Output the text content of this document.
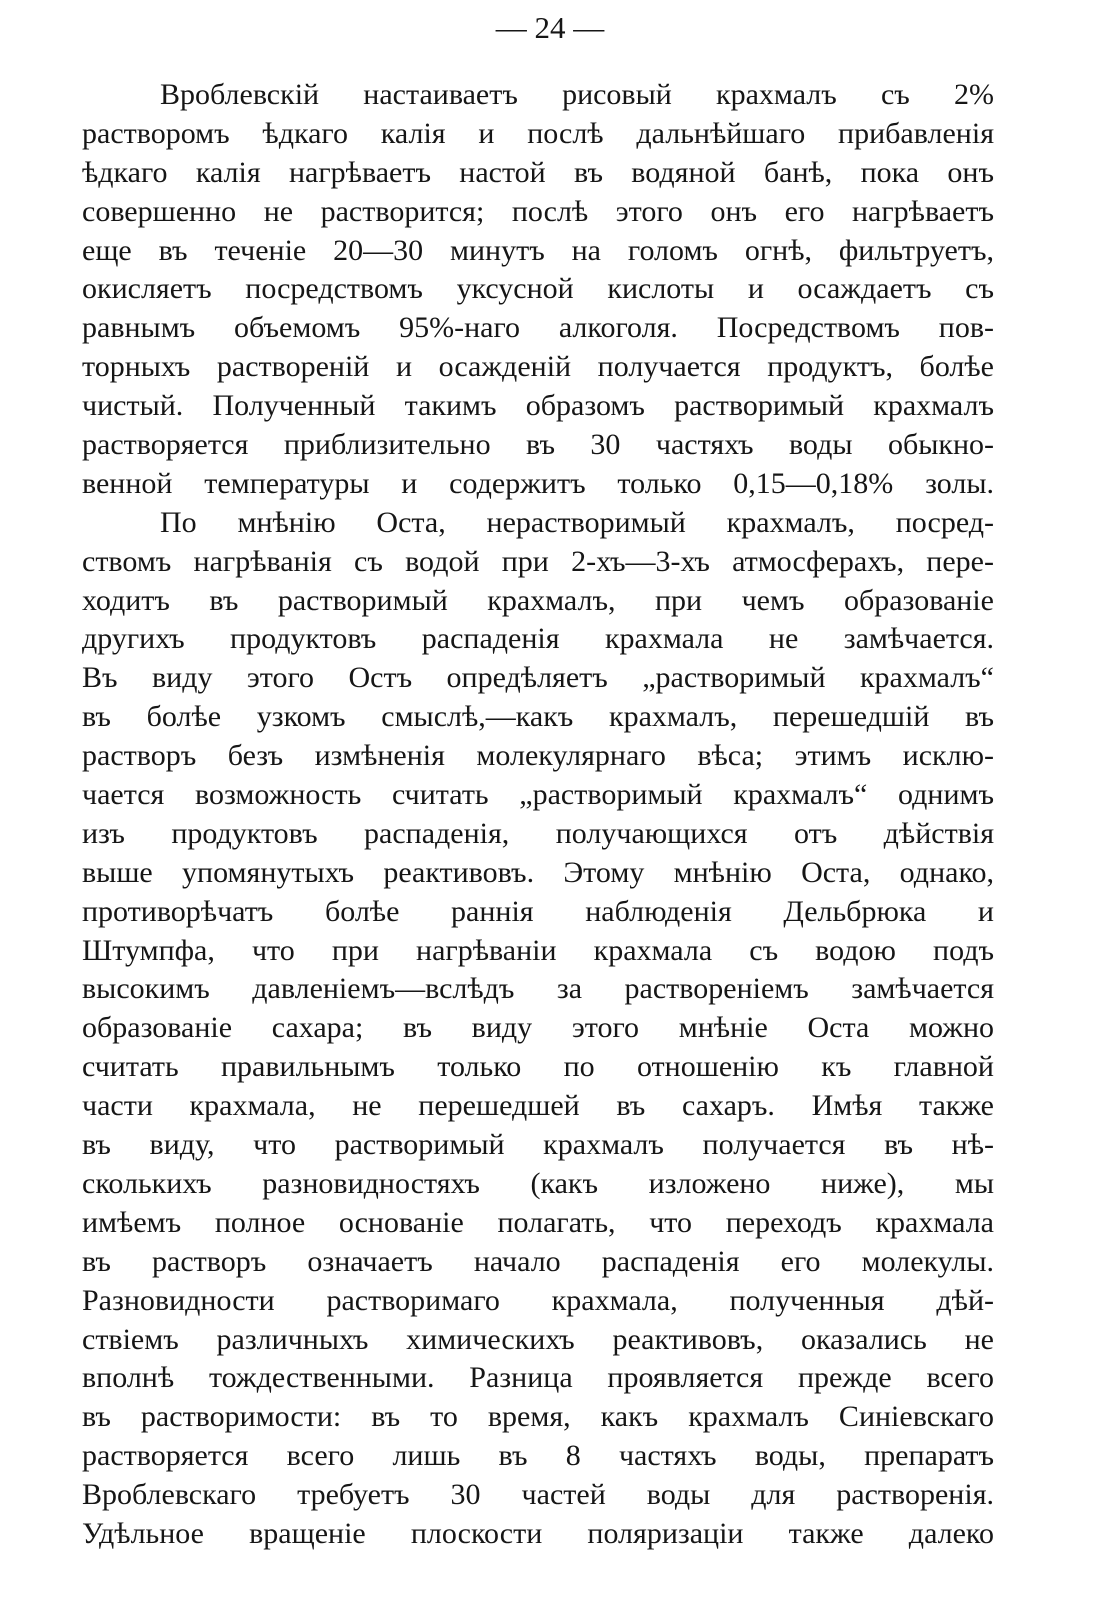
— 24 —
Вроблевскій настаиваетъ рисовый крахмалъ съ 2%
растворомъ ѣдкаго калія и послѣ дальнѣйшаго прибавленія
ѣдкаго калія нагрѣваетъ настой въ водяной банѣ, пока онъ
совершенно не растворится; послѣ этого онъ его нагрѣваетъ
еще въ теченіе 20—30 минутъ на голомъ огнѣ, фильтруетъ,
окисляетъ посредствомъ уксусной кислоты и осаждаетъ съ
равнымъ объемомъ 95%-наго алкоголя. Посредствомъ пов-
торныхъ раствореній и осажденій получается продуктъ, болѣе
чистый. Полученный такимъ образомъ растворимый крахмалъ
растворяется приблизительно въ 30 частяхъ воды обыкно-
венной температуры и содержитъ только 0,15—0,18% золы.
По мнѣнію Оста, нерастворимый крахмалъ, посред-
ствомъ нагрѣванія съ водой при 2-хъ—3-хъ атмосферахъ, пере-
ходитъ въ растворимый крахмалъ, при чемъ образованіе
другихъ продуктовъ распаденія крахмала не замѣчается.
Въ виду этого Остъ опредѣляетъ „растворимый крахмалъ“
въ болѣе узкомъ смыслѣ,—какъ крахмалъ, перешедшій въ
растворъ безъ измѣненія молекулярнаго вѣса; этимъ исклю-
чается возможность считать „растворимый крахмалъ“ однимъ
изъ продуктовъ распаденія, получающихся отъ дѣйствія
выше упомянутыхъ реактивовъ. Этому мнѣнію Оста, однако,
противорѣчатъ болѣе раннія наблюденія Дельбрюка и
Штумпфа, что при нагрѣваніи крахмала съ водою подъ
высокимъ давленіемъ—вслѣдъ за раствореніемъ замѣчается
образованіе сахара; въ виду этого мнѣніе Оста можно
считать правильнымъ только по отношенію къ главной
части крахмала, не перешедшей въ сахаръ. Имѣя также
въ виду, что растворимый крахмалъ получается въ нѣ-
сколькихъ разновидностяхъ (какъ изложено ниже), мы
имѣемъ полное основаніе полагать, что переходъ крахмала
въ растворъ означаетъ начало распаденія его молекулы.
Разновидности растворимаго крахмала, полученныя дѣй-
ствіемъ различныхъ химическихъ реактивовъ, оказались не
вполнѣ тождественными. Разница проявляется прежде всего
въ растворимости: въ то время, какъ крахмалъ Синіевскаго
растворяется всего лишь въ 8 частяхъ воды, препаратъ
Вроблевскаго требуетъ 30 частей воды для растворенія.
Удѣльное вращеніе плоскости поляризаціи также далеко
